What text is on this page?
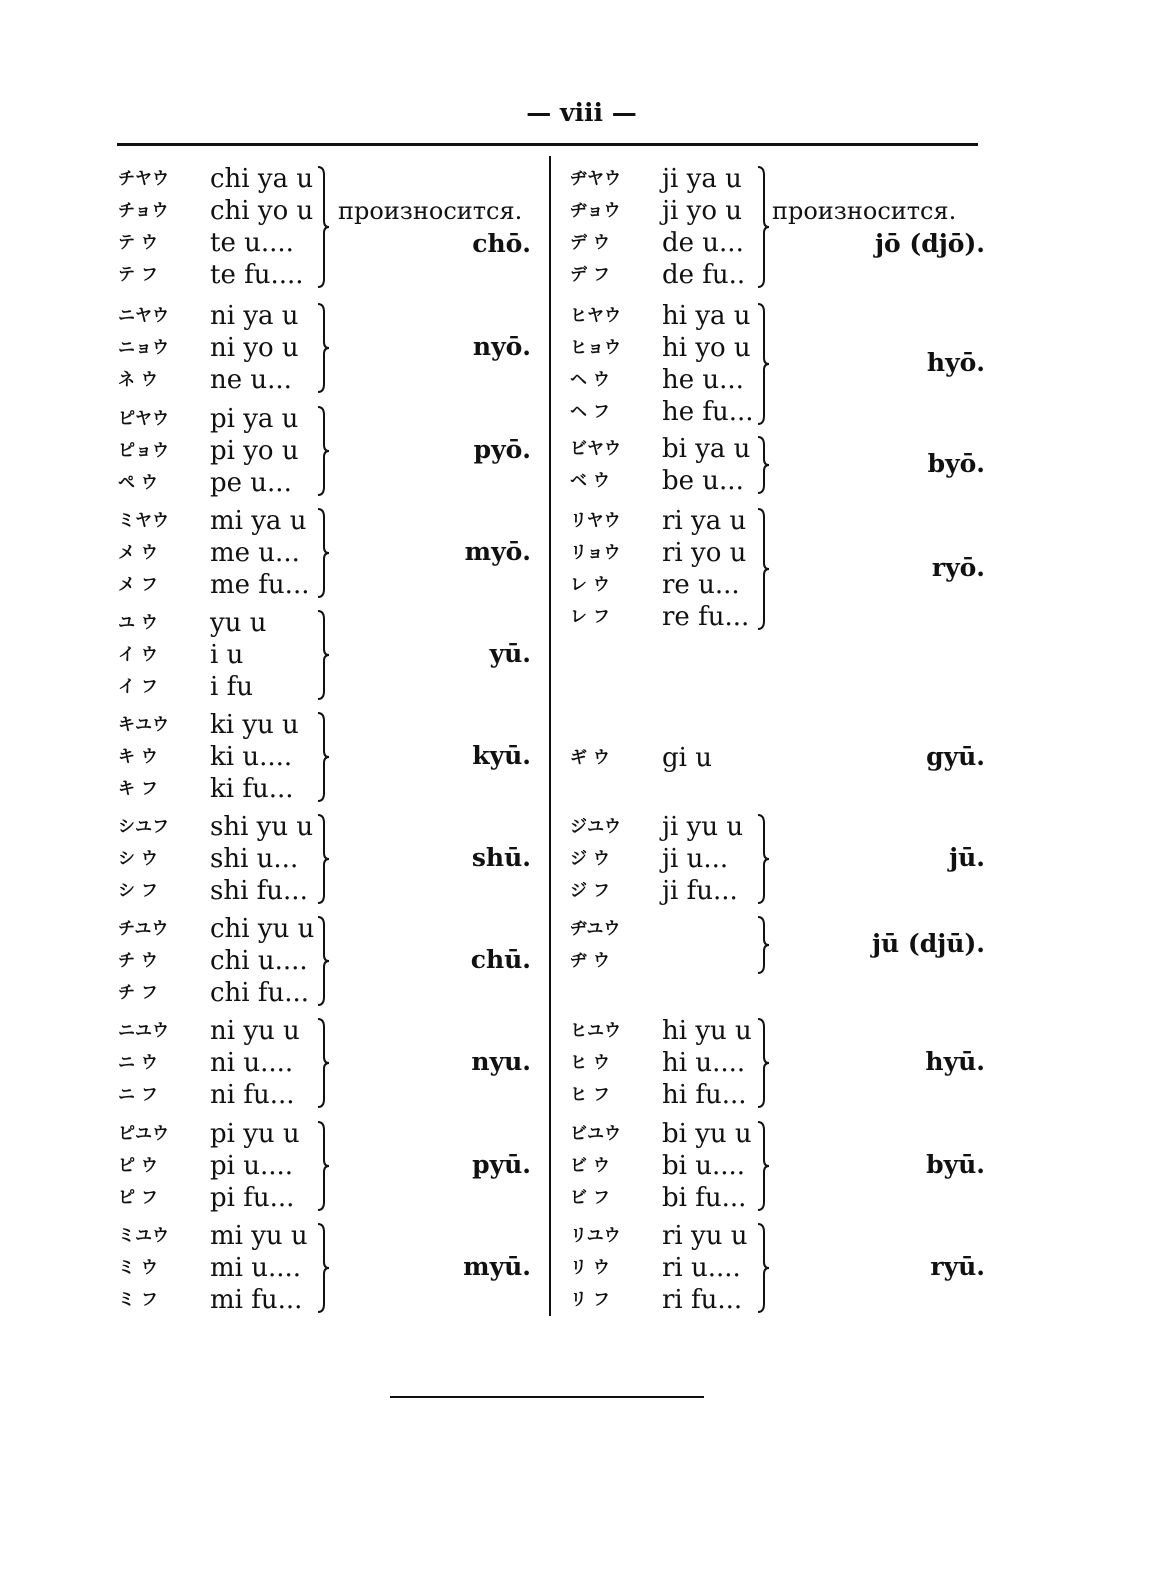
— viii —
チヤウ	chi ya u
チョウ	chi yo u
テ ウ	te u....
テ フ	te fu....
произносится.
chō.
ニヤウ	ni ya u
ニョウ	ni yo u
ネ ウ	ne u...
nyō.
ピヤウ	pi ya u
ピョウ	pi yo u
ペ ウ	pe u...
pyō.
ミヤウ	mi ya u
メ ウ	me u...
メ フ	me fu...
myō.
ユ ウ	yu u
イ ウ	i u
イ フ	i fu
yū.
キユウ	ki yu u
キ ウ	ki u....
キ フ	ki fu...
kyū.
シユフ	shi yu u
シ ウ	shi u...
シ フ	shi fu...
shū.
チユウ	chi yu u
チ ウ	chi u....
チ フ	chi fu...
chū.
ニユウ	ni yu u
ニ ウ	ni u....
ニ フ	ni fu...
nyu.
ピユウ	pi yu u
ピ ウ	pi u....
ピ フ	pi fu...
pyū.
ミユウ	mi yu u
ミ ウ	mi u....
ミ フ	mi fu...
myū.
ヂヤウ	ji ya u
ヂョウ	ji yo u
デ ウ	de u...
デ フ	de fu..
произносится.
jō (djō).
ヒヤウ	hi ya u
ヒョウ	hi yo u
ヘ ウ	he u...
ヘ フ	he fu...
hyō.
ビヤウ	bi ya u
ベ ウ	be u...
byō.
リヤウ	ri ya u
リョウ	ri yo u
レ ウ	re u...
レ フ	re fu...
ryō.
ギ ウ	gi u	gyū.
ジユウ	ji yu u
ジ ウ	ji u...
ジ フ	ji fu...
jū.
ヂユウ
ヂ ウ
jū (djū).
ヒユウ	hi yu u
ヒ ウ	hi u....
ヒ フ	hi fu...
hyū.
ビユウ	bi yu u
ビ ウ	bi u....
ビ フ	bi fu...
byū.
リユウ	ri yu u
リ ウ	ri u....
リ フ	ri fu...
ryū.
